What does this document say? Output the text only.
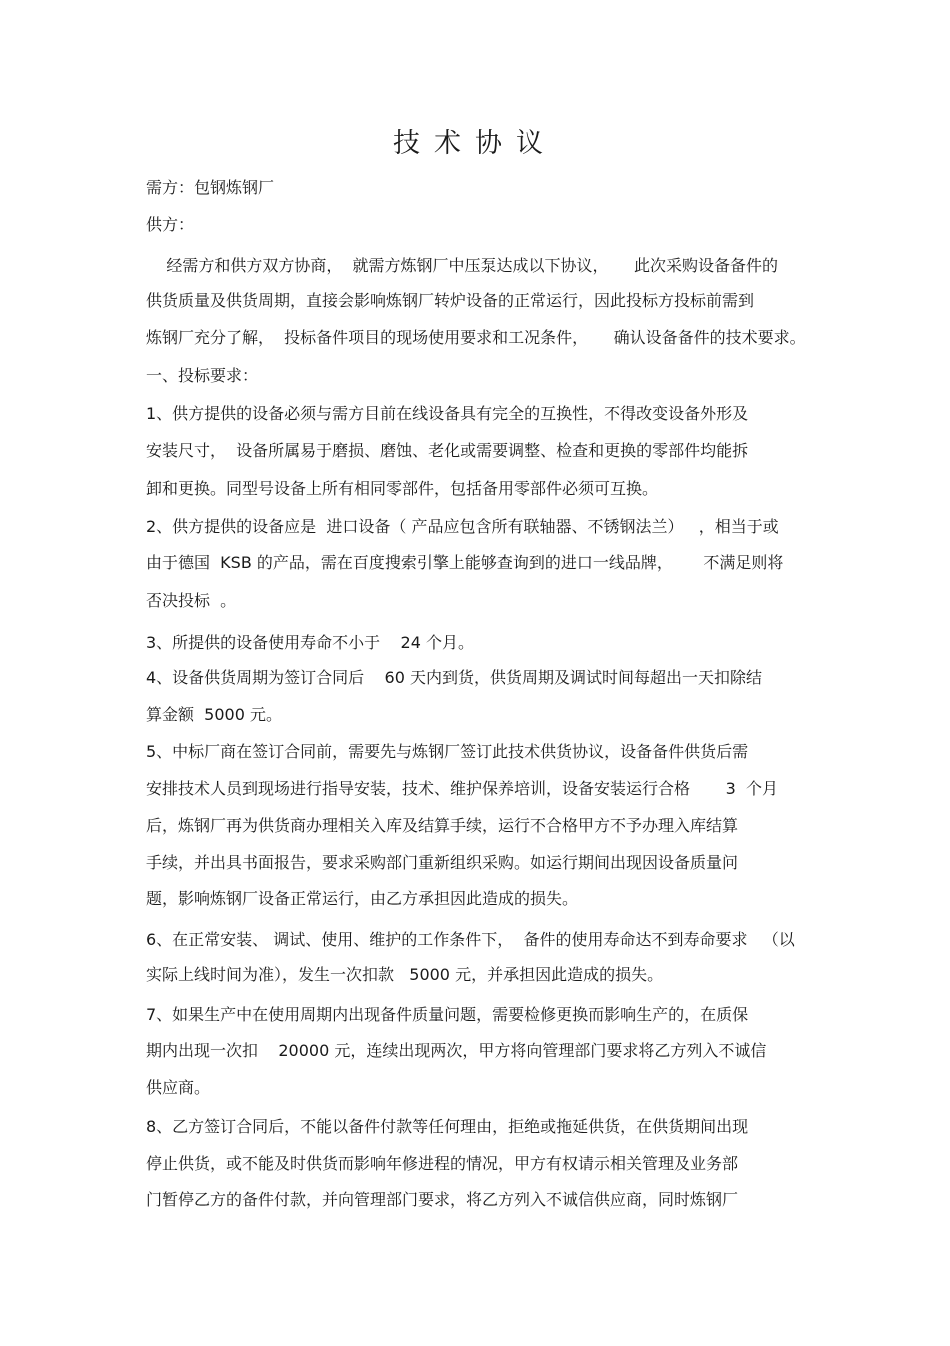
技术协议
需方：包钢炼钢厂
供方：
经需方和供方双方协商，  就需方炼钢厂中压泵达成以下协议，     此次采购设备备件的
供货质量及供货周期，直接会影响炼钢厂转炉设备的正常运行，因此投标方投标前需到
炼钢厂充分了解，  投标备件项目的现场使用要求和工况条件，     确认设备备件的技术要求。
一、投标要求：
1、供方提供的设备必须与需方目前在线设备具有完全的互换性，不得改变设备外形及
安装尺寸，  设备所属易于磨损、磨蚀、老化或需要调整、检查和更换的零部件均能拆
卸和更换。同型号设备上所有相同零部件，包括备用零部件必须可互换。
2、供方提供的设备应是  进口设备（ 产品应包含所有联轴器、不锈钢法兰）   ，相当于或
由于德国  KSB 的产品，需在百度搜索引擎上能够查询到的进口一线品牌，      不满足则将
否决投标  。
3、所提供的设备使用寿命不小于    24 个月。
4、设备供货周期为签订合同后    60 天内到货，供货周期及调试时间每超出一天扣除结
算金额  5000 元。
5、中标厂商在签订合同前，需要先与炼钢厂签订此技术供货协议，设备备件供货后需
安排技术人员到现场进行指导安装，技术、维护保养培训，设备安装运行合格       3  个月
后，炼钢厂再为供货商办理相关入库及结算手续，运行不合格甲方不予办理入库结算
手续，并出具书面报告，要求采购部门重新组织采购。如运行期间出现因设备质量问
题，影响炼钢厂设备正常运行，由乙方承担因此造成的损失。
6、在正常安装、 调试、使用、维护的工作条件下，  备件的使用寿命达不到寿命要求   （以
实际上线时间为准），发生一次扣款   5000 元，并承担因此造成的损失。
7、如果生产中在使用周期内出现备件质量问题，需要检修更换而影响生产的，在质保
期内出现一次扣    20000 元，连续出现两次，甲方将向管理部门要求将乙方列入不诚信
供应商。
8、乙方签订合同后，不能以备件付款等任何理由，拒绝或拖延供货，在供货期间出现
停止供货，或不能及时供货而影响年修进程的情况，甲方有权请示相关管理及业务部
门暂停乙方的备件付款，并向管理部门要求，将乙方列入不诚信供应商，同时炼钢厂
